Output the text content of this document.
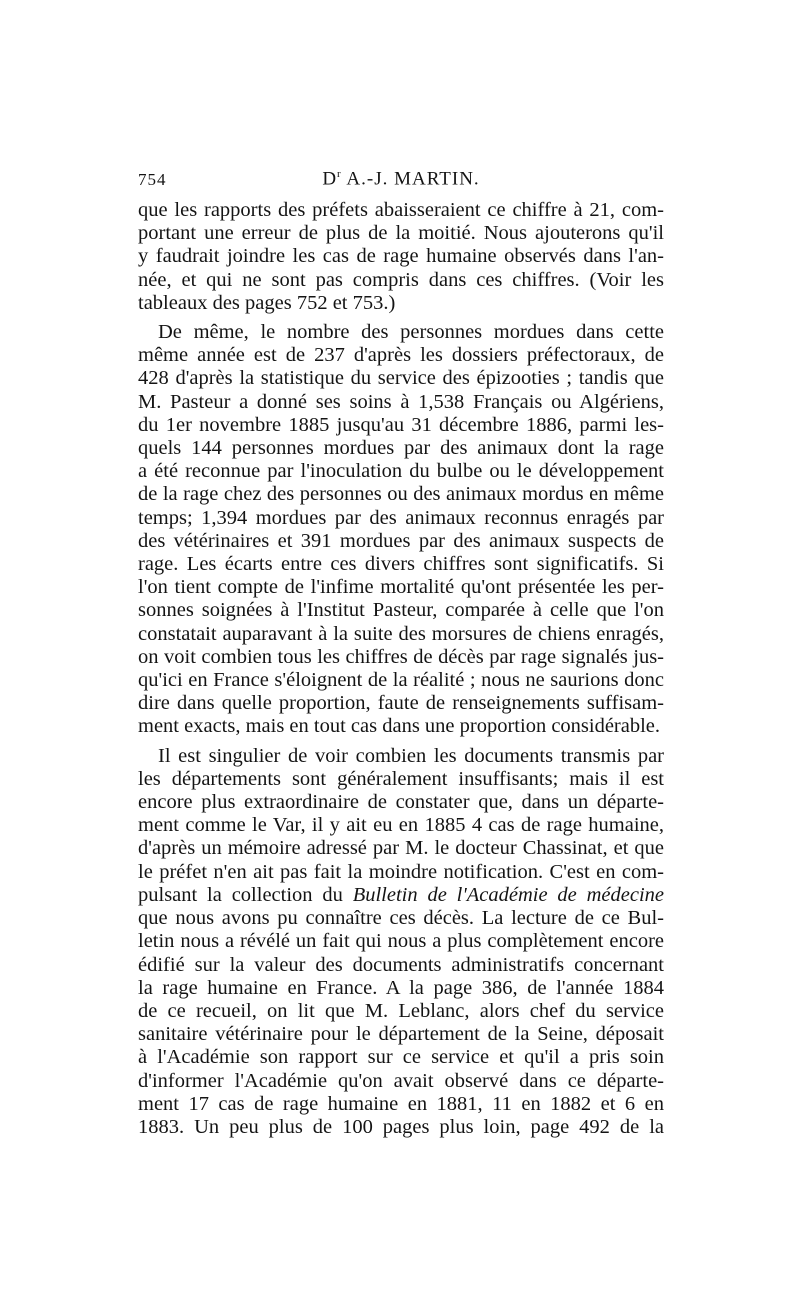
754	$D^r$ A.-J. MARTIN.
que les rapports des préfets abaisseraient ce chiffre à 21, com-
portant une erreur de plus de la moitié. Nous ajouterons qu'il
y faudrait joindre les cas de rage humaine observés dans l'an-
née, et qui ne sont pas compris dans ces chiffres. (Voir les
tableaux des pages 752 et 753.)
De même, le nombre des personnes mordues dans cette
même année est de 237 d'après les dossiers préfectoraux, de
428 d'après la statistique du service des épizooties ; tandis que
M. Pasteur a donné ses soins à 1,538 Français ou Algériens,
du 1er novembre 1885 jusqu'au 31 décembre 1886, parmi les-
quels 144 personnes mordues par des animaux dont la rage
a été reconnue par l'inoculation du bulbe ou le développement
de la rage chez des personnes ou des animaux mordus en même
temps; 1,394 mordues par des animaux reconnus enragés par
des vétérinaires et 391 mordues par des animaux suspects de
rage. Les écarts entre ces divers chiffres sont significatifs. Si
l'on tient compte de l'infime mortalité qu'ont présentée les per-
sonnes soignées à l'Institut Pasteur, comparée à celle que l'on
constatait auparavant à la suite des morsures de chiens enragés,
on voit combien tous les chiffres de décès par rage signalés jus-
qu'ici en France s'éloignent de la réalité ; nous ne saurions donc
dire dans quelle proportion, faute de renseignements suffisam-
ment exacts, mais en tout cas dans une proportion considérable.
Il est singulier de voir combien les documents transmis par
les départements sont généralement insuffisants; mais il est
encore plus extraordinaire de constater que, dans un départe-
ment comme le Var, il y ait eu en 1885 4 cas de rage humaine,
d'après un mémoire adressé par M. le docteur Chassinat, et que
le préfet n'en ait pas fait la moindre notification. C'est en com-
pulsant la collection du Bulletin de l'Académie de médecine
que nous avons pu connaître ces décès. La lecture de ce Bul-
letin nous a révélé un fait qui nous a plus complètement encore
édifié sur la valeur des documents administratifs concernant
la rage humaine en France. A la page 386, de l'année 1884
de ce recueil, on lit que M. Leblanc, alors chef du service
sanitaire vétérinaire pour le département de la Seine, déposait
à l'Académie son rapport sur ce service et qu'il a pris soin
d'informer l'Académie qu'on avait observé dans ce départe-
ment 17 cas de rage humaine en 1881, 11 en 1882 et 6 en
1883. Un peu plus de 100 pages plus loin, page 492 de la
